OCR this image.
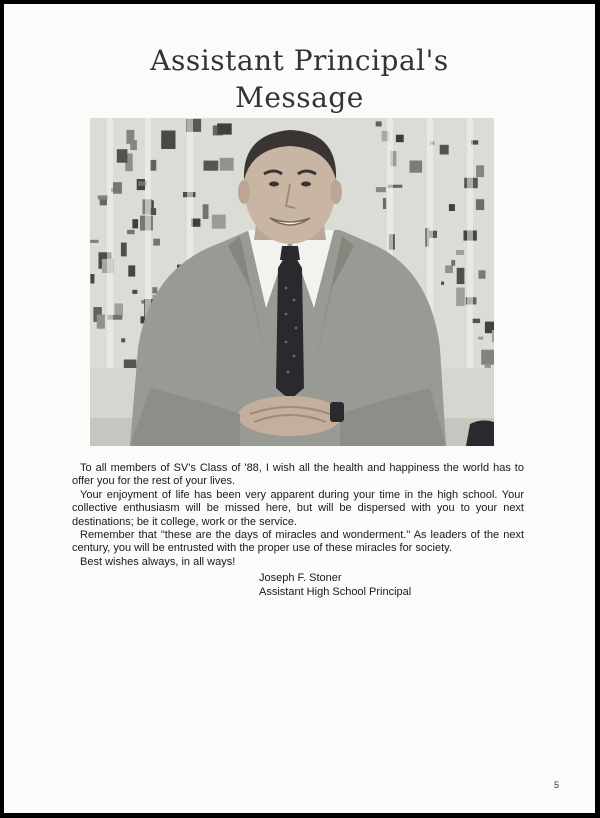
Assistant Principal's
Message

To all members of SV's Class of '88, I wish all the health and happiness the world has to offer you for the rest of your lives.

Your enjoyment of life has been very apparent during your time in the high school. Your collective enthusiasm will be missed here, but will be dispersed with you to your next destinations; be it college, work or the service.

Remember that "these are the days of miracles and wonderment." As leaders of the next century, you will be entrusted with the proper use of these miracles for society.

Best wishes always, in all ways!

Joseph F. Stoner
Assistant High School Principal
5
